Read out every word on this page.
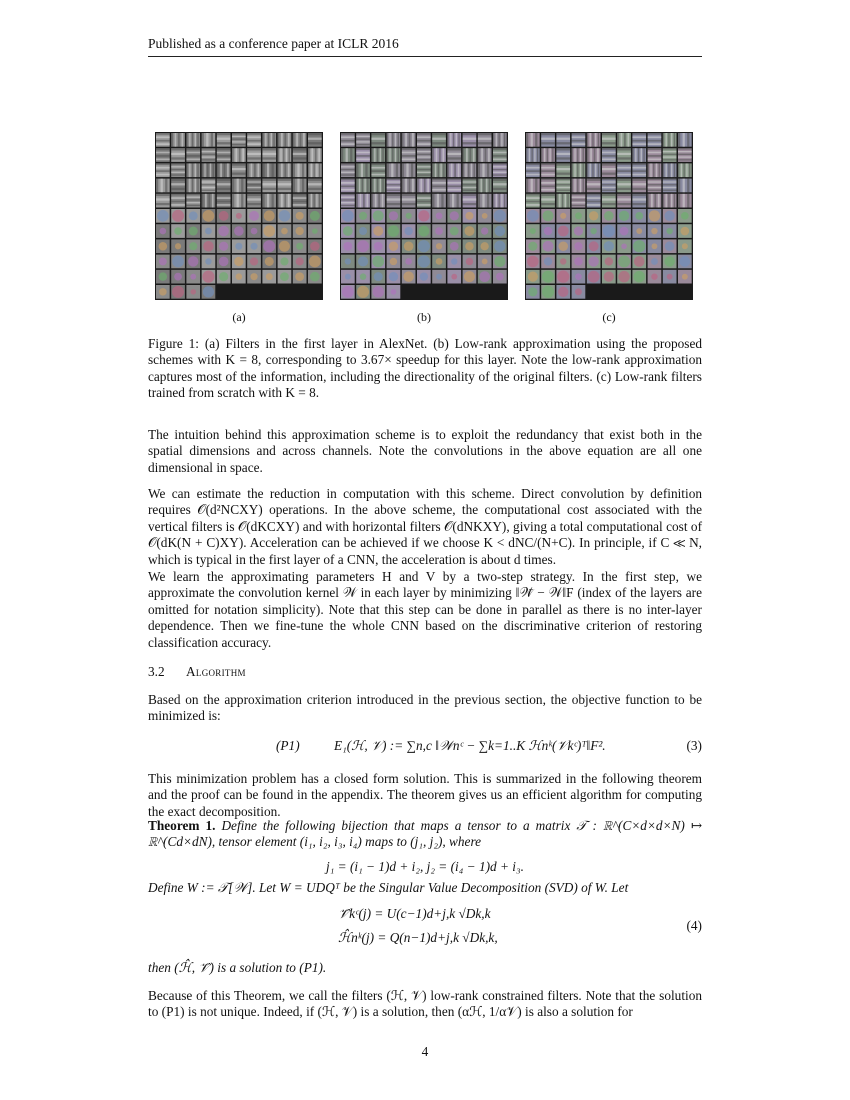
Published as a conference paper at ICLR 2016
(a)	(b)	(c)
Figure 1: (a) Filters in the first layer in AlexNet. (b) Low-rank approximation using the proposed schemes with K = 8, corresponding to 3.67× speedup for this layer. Note the low-rank approximation captures most of the information, including the directionality of the original filters. (c) Low-rank filters trained from scratch with K = 8.
The intuition behind this approximation scheme is to exploit the redundancy that exist both in the spatial dimensions and across channels. Note the convolutions in the above equation are all one dimensional in space.
We can estimate the reduction in computation with this scheme. Direct convolution by definition requires 𝒪(d²NCXY) operations. In the above scheme, the computational cost associated with the vertical filters is 𝒪(dKCXY) and with horizontal filters 𝒪(dNKXY), giving a total computational cost of 𝒪(dK(N + C)XY). Acceleration can be achieved if we choose K < dNC/(N+C). In principle, if C ≪ N, which is typical in the first layer of a CNN, the acceleration is about d times.
We learn the approximating parameters H and V by a two-step strategy. In the first step, we approximate the convolution kernel 𝒲 in each layer by minimizing ‖𝒲̃ − 𝒲‖F (index of the layers are omitted for notation simplicity). Note that this step can be done in parallel as there is no inter-layer dependence. Then we fine-tune the whole CNN based on the discriminative criterion of restoring classification accuracy.
3.2 Algorithm
Based on the approximation criterion introduced in the previous section, the objective function to be minimized is:
(P1)	E₁(ℋ, 𝒱) := ∑n,c ‖𝒲nᶜ − ∑k=1..K ℋnᵏ(𝒱kᶜ)ᵀ‖F².	(3)
This minimization problem has a closed form solution. This is summarized in the following theorem and the proof can be found in the appendix. The theorem gives us an efficient algorithm for computing the exact decomposition.
Theorem 1. Define the following bijection that maps a tensor to a matrix 𝒯 : ℝ^(C×d×d×N) ↦ ℝ^(Cd×dN), tensor element (i₁, i₂, i₃, i₄) maps to (j₁, j₂), where
j₁ = (i₁ − 1)d + i₂, j₂ = (i₄ − 1)d + i₃.
Define W := 𝒯[𝒲]. Let W = UDQᵀ be the Singular Value Decomposition (SVD) of W. Let
𝒱̂kᶜ(j) = U(c−1)d+j,k √Dk,k
ℋ̂nᵏ(j) = Q(n−1)d+j,k √Dk,k,
(4)
then (ℋ̂, 𝒱̂) is a solution to (P1).
Because of this Theorem, we call the filters (ℋ, 𝒱) low-rank constrained filters. Note that the solution to (P1) is not unique. Indeed, if (ℋ, 𝒱) is a solution, then (αℋ, 1/α𝒱) is also a solution for
4
